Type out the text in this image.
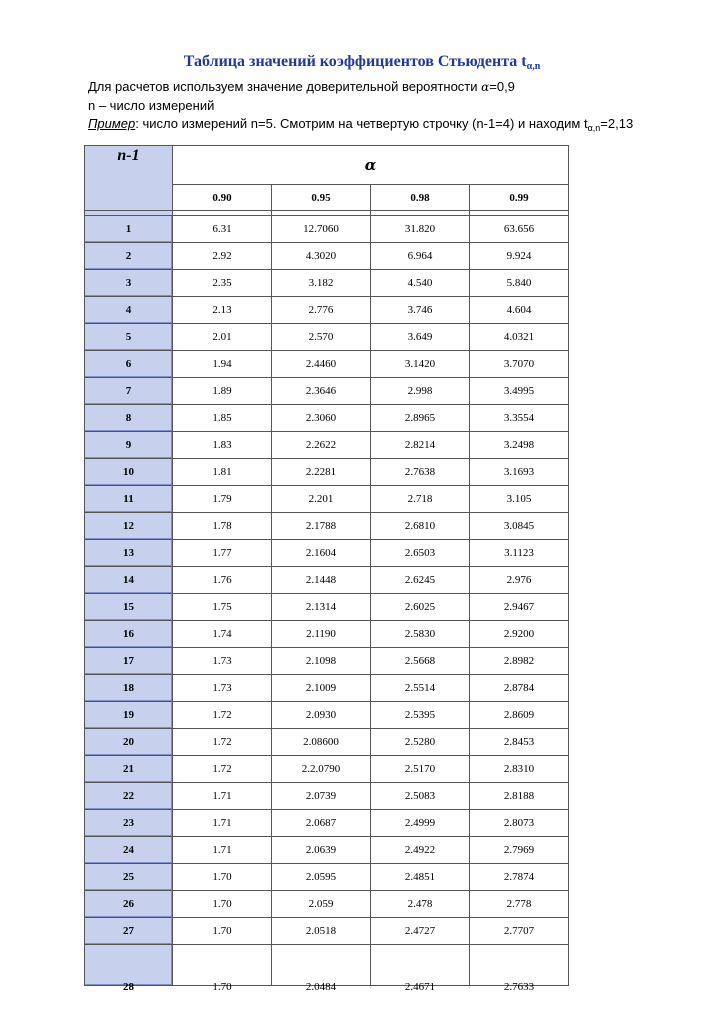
Таблица значений коэффициентов Стьюдента $t_{\alpha,n}$

Для расчетов используем значение доверительной вероятности α=0,9

n – число измерений

Пример: число измерений n=5. Смотрим на четвертую строчку (n-1=4) и находим $t_{\alpha,n}=2,13$

n-1	α			
	0.90	0.95	0.98	0.99

1	6.31	12.7060	31.820	63.656
2	2.92	4.3020	6.964	9.924
3	2.35	3.182	4.540	5.840
4	2.13	2.776	3.746	4.604
5	2.01	2.570	3.649	4.0321
6	1.94	2.4460	3.1420	3.7070
7	1.89	2.3646	2.998	3.4995
8	1.85	2.3060	2.8965	3.3554
9	1.83	2.2622	2.8214	3.2498
10	1.81	2.2281	2.7638	3.1693
11	1.79	2.201	2.718	3.105
12	1.78	2.1788	2.6810	3.0845
13	1.77	2.1604	2.6503	3.1123
14	1.76	2.1448	2.6245	2.976
15	1.75	2.1314	2.6025	2.9467
16	1.74	2.1190	2.5830	2.9200
17	1.73	2.1098	2.5668	2.8982
18	1.73	2.1009	2.5514	2.8784
19	1.72	2.0930	2.5395	2.8609
20	1.72	2.08600	2.5280	2.8453
21	1.72	2.2.0790	2.5170	2.8310
22	1.71	2.0739	2.5083	2.8188
23	1.71	2.0687	2.4999	2.8073
24	1.71	2.0639	2.4922	2.7969
25	1.70	2.0595	2.4851	2.7874
26	1.70	2.059	2.478	2.778
27	1.70	2.0518	2.4727	2.7707
28	1.70	2.0484	2.4671	2.7633
